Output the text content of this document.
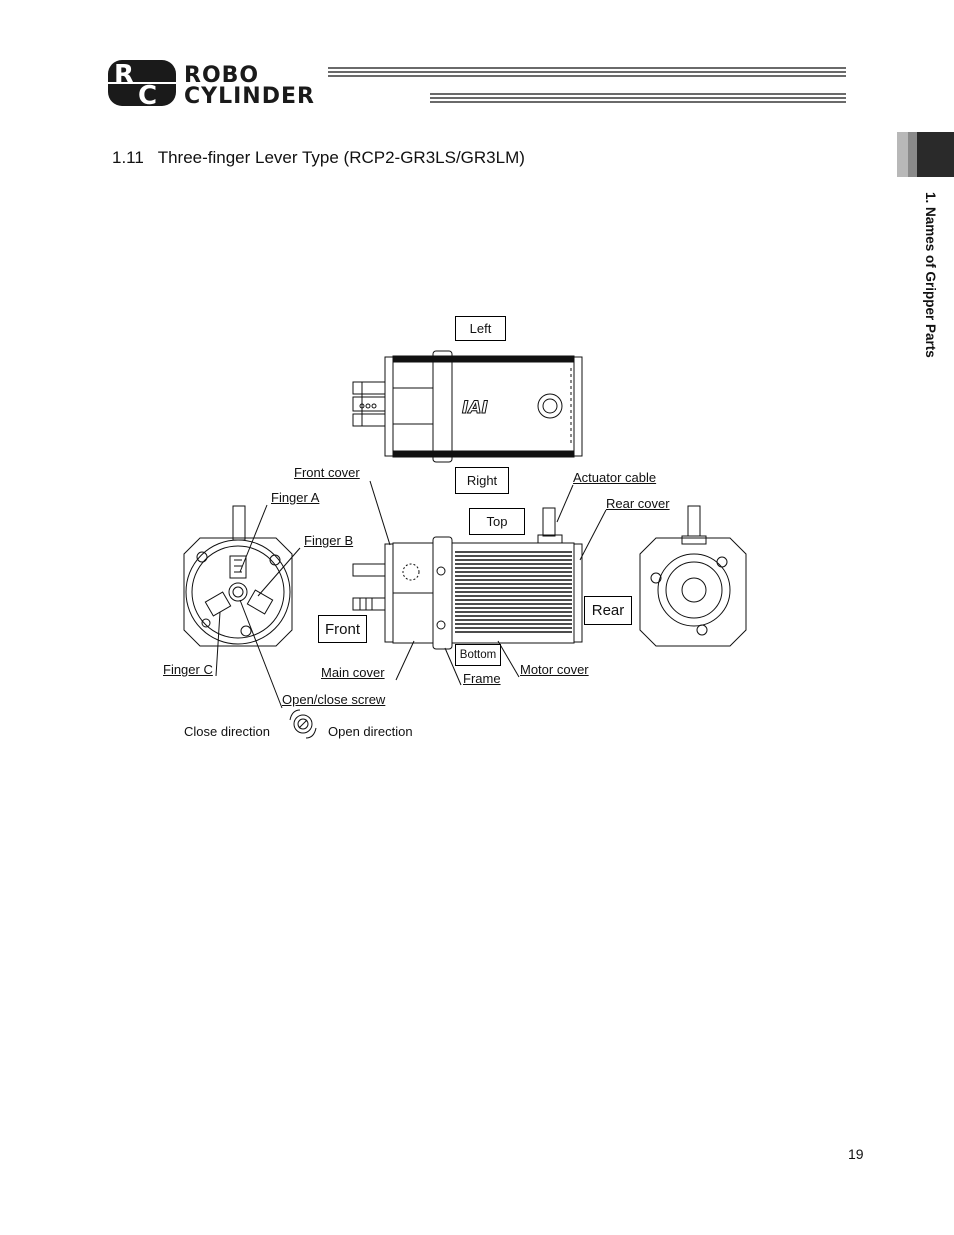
R
C
ROBO
CYLINDER
1. Names of Gripper Parts
1.11 Three-finger Lever Type (RCP2-GR3LS/GR3LM)
IAI
Left
Right
Top
Bottom
Front
Rear
Front cover
Finger A
Finger B
Finger C
Actuator cable
Rear cover
Main cover	Frame
Motor cover
Open/close screw
Close direction	Open direction
19
